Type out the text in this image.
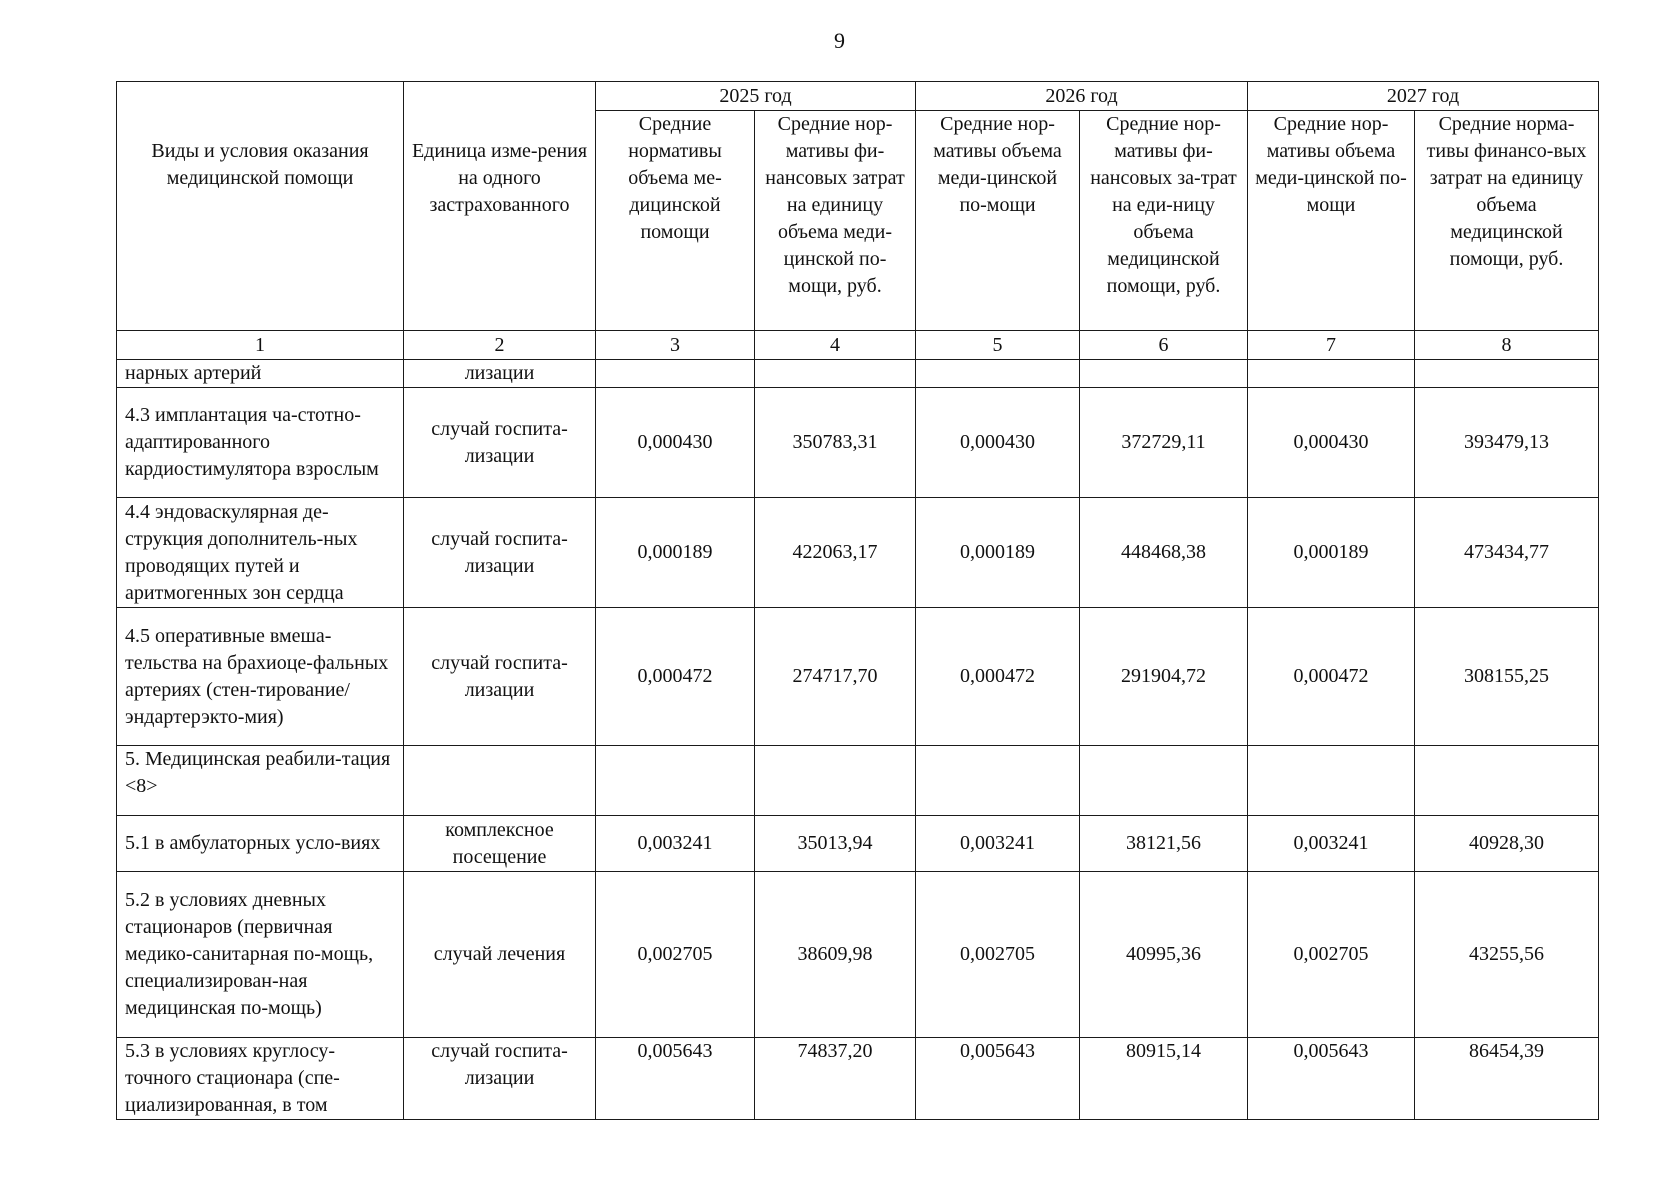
9
Виды и условия оказания медицинской помощи	Единица изме-рения на одного застрахованного	2025 год		2026 год		2027 год	
		Средние нормативы объема ме-дицинской помощи	Средние нор-мативы фи-нансовых затрат на единицу объема меди-цинской по-мощи, руб.	Средние нор-мативы объема меди-цинской по-мощи	Средние нор-мативы фи-нансовых за-трат на еди-ницу объема медицинской помощи, руб.	Средние нор-мативы объема меди-цинской по-мощи	Средние норма-тивы финансо-вых затрат на единицу объема медицинской помощи, руб.
1	2	3	4	5	6	7	8
нарных артерий	лизации						
4.3 имплантация ча-стотно-адаптированного кардиостимулятора взрослым	случай госпита-лизации	0,000430	350783,31	0,000430	372729,11	0,000430	393479,13
4.4 эндоваскулярная де-струкция дополнитель-ных проводящих путей и аритмогенных зон сердца	случай госпита-лизации	0,000189	422063,17	0,000189	448468,38	0,000189	473434,77
4.5 оперативные вмеша-тельства на брахиоце-фальных артериях (стен-тирование/эндартерэкто-мия)	случай госпита-лизации	0,000472	274717,70	0,000472	291904,72	0,000472	308155,25
5. Медицинская реабили-тация <8>							
5.1 в амбулаторных усло-виях	комплексное посещение	0,003241	35013,94	0,003241	38121,56	0,003241	40928,30
5.2 в условиях дневных стационаров (первичная медико-санитарная по-мощь, специализирован-ная медицинская по-мощь)	случай лечения	0,002705	38609,98	0,002705	40995,36	0,002705	43255,56
5.3 в условиях круглосу-точного стационара (спе-циализированная, в том	случай госпита-лизации	0,005643	74837,20	0,005643	80915,14	0,005643	86454,39
